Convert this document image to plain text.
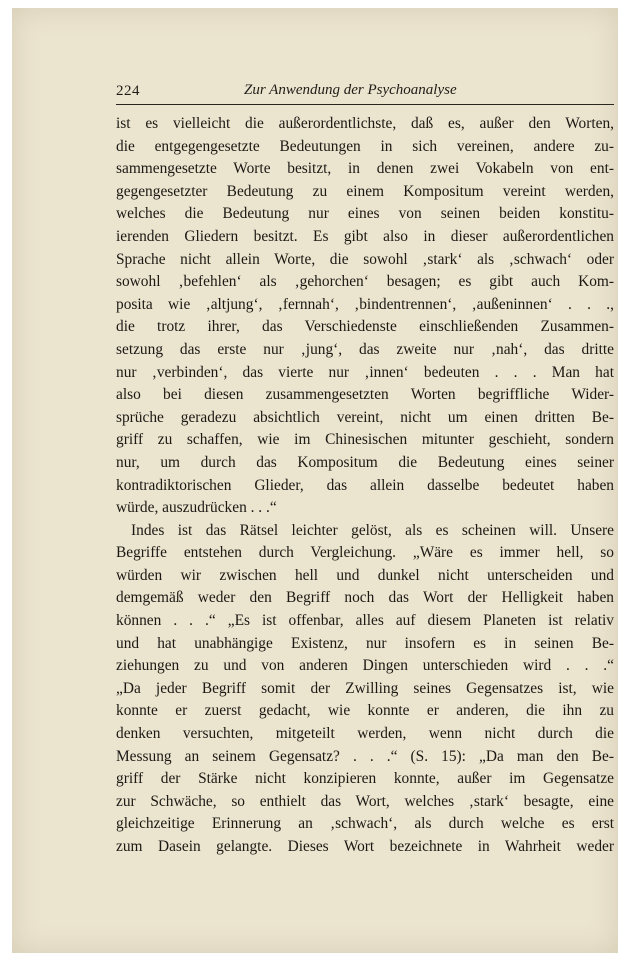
224	Zur Anwendung der Psychoanalyse
ist es vielleicht die außerordentlichste, daß es, außer den Worten,
die entgegengesetzte Bedeutungen in sich vereinen, andere zu-
sammengesetzte Worte besitzt, in denen zwei Vokabeln von ent-
gegengesetzter Bedeutung zu einem Kompositum vereint werden,
welches die Bedeutung nur eines von seinen beiden konstitu-
ierenden Gliedern besitzt. Es gibt also in dieser außerordentlichen
Sprache nicht allein Worte, die sowohl ‚stark‘ als ‚schwach‘ oder
sowohl ‚befehlen‘ als ‚gehorchen‘ besagen; es gibt auch Kom-
posita wie ‚altjung‘, ‚fernnah‘, ‚bindentrennen‘, ‚außeninnen‘ . . .,
die trotz ihrer, das Verschiedenste einschließenden Zusammen-
setzung das erste nur ‚jung‘, das zweite nur ‚nah‘, das dritte
nur ‚verbinden‘, das vierte nur ‚innen‘ bedeuten . . . Man hat
also bei diesen zusammengesetzten Worten begriffliche Wider-
sprüche geradezu absichtlich vereint, nicht um einen dritten Be-
griff zu schaffen, wie im Chinesischen mitunter geschieht, sondern
nur, um durch das Kompositum die Bedeutung eines seiner
kontradiktorischen Glieder, das allein dasselbe bedeutet haben
würde, auszudrücken . . .“
Indes ist das Rätsel leichter gelöst, als es scheinen will. Unsere
Begriffe entstehen durch Vergleichung. „Wäre es immer hell, so
würden wir zwischen hell und dunkel nicht unterscheiden und
demgemäß weder den Begriff noch das Wort der Helligkeit haben
können . . .“ „Es ist offenbar, alles auf diesem Planeten ist relativ
und hat unabhängige Existenz, nur insofern es in seinen Be-
ziehungen zu und von anderen Dingen unterschieden wird . . .“
„Da jeder Begriff somit der Zwilling seines Gegensatzes ist, wie
konnte er zuerst gedacht, wie konnte er anderen, die ihn zu
denken versuchten, mitgeteilt werden, wenn nicht durch die
Messung an seinem Gegensatz? . . .“ (S. 15): „Da man den Be-
griff der Stärke nicht konzipieren konnte, außer im Gegensatze
zur Schwäche, so enthielt das Wort, welches ‚stark‘ besagte, eine
gleichzeitige Erinnerung an ‚schwach‘, als durch welche es erst
zum Dasein gelangte. Dieses Wort bezeichnete in Wahrheit weder
